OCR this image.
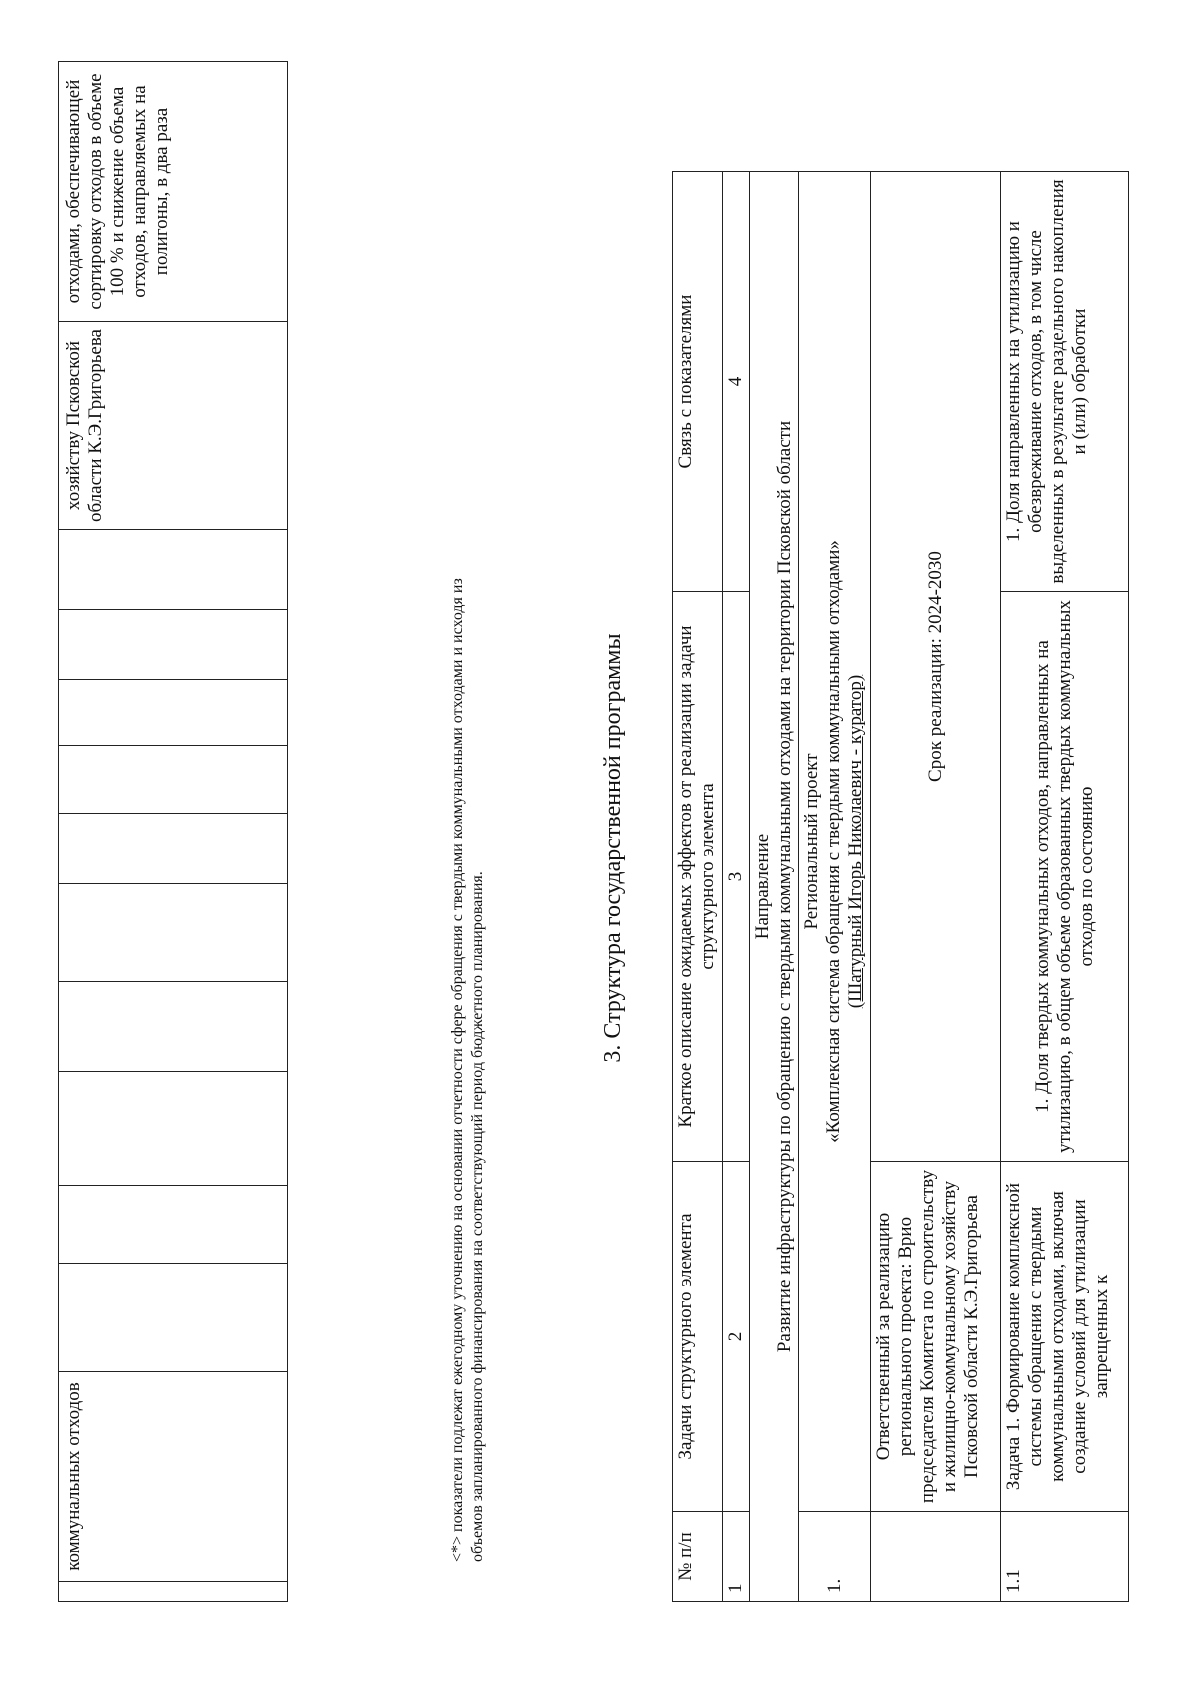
	коммунальных отходов											хозяйству Псковской области К.Э.Григорьева	отходами, обеспечивающей сортировку отходов в объеме 100 % и снижение объема отходов, направляемых на полигоны, в два раза

<*> показатели подлежат ежегодному уточнению на основании отчетности сфере обращения с твердыми коммунальными отходами и исходя из объемов запланированного финансирования на соответствующий период бюджетного планирования.

3. Структура государственной программы
№ п/п	Задачи структурного элемента	Краткое описание ожидаемых эффектов от реализации задачи структурного элемента	Связь с показателями
1	2	3	4

Направление Развитие инфраструктуры по обращению с твердыми коммунальными отходами на территории Псковской области			

1.	Региональный проект «Комплексная система обращения с твердыми коммунальными отходами» (Шатурный Игорь Николаевич - куратор)		

	Ответственный за реализацию регионального проекта: Врио председателя Комитета по строительству и жилищно-коммунальному хозяйству Псковской области К.Э.Григорьева	Срок реализации: 2024-2030	
1.1	Задача 1. Формирование комплексной системы обращения с твердыми коммунальными отходами, включая создание условий для утилизации запрещенных к	1. Доля твердых коммунальных отходов, направленных на утилизацию, в общем объеме образованных твердых коммунальных отходов по состоянию	1. Доля направленных на утилизацию и обезвреживание отходов, в том числе выделенных в результате раздельного накопления и (или) обработки
